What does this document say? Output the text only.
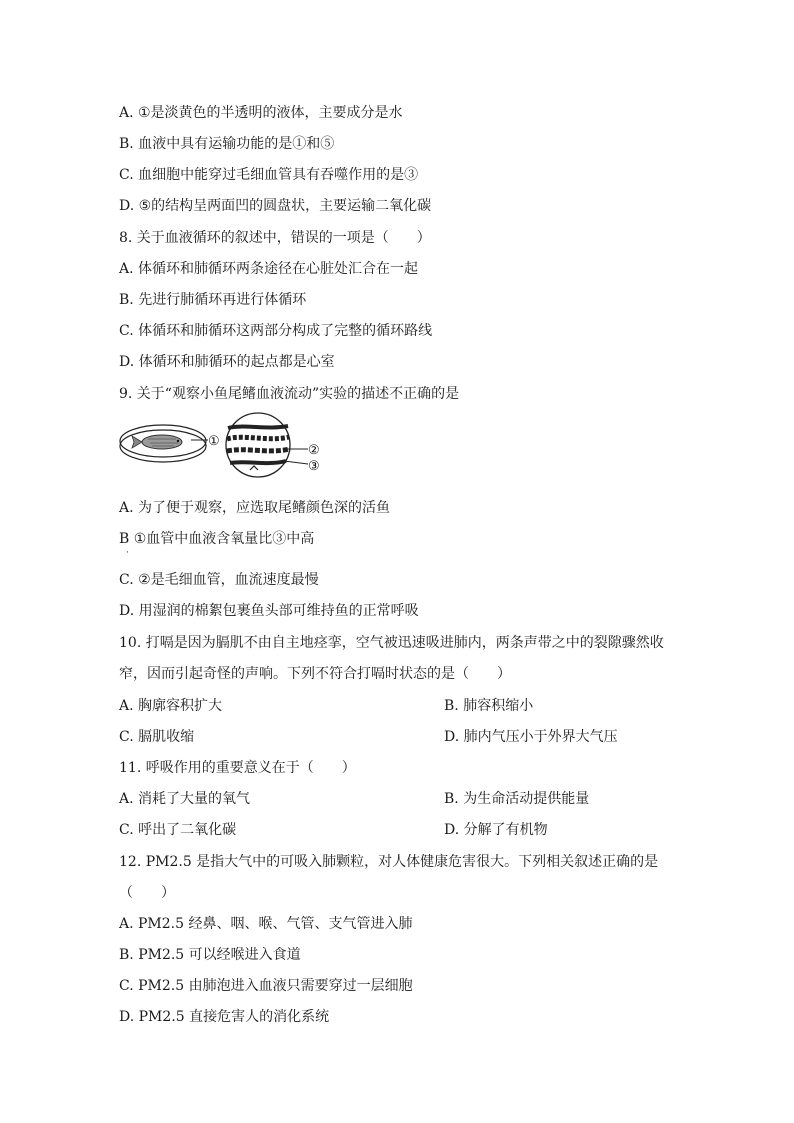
A. ①是淡黄色的半透明的液体，主要成分是水
B. 血液中具有运输功能的是①和⑤
C. 血细胞中能穿过毛细血管具有吞噬作用的是③
D. ⑤的结构呈两面凹的圆盘状，主要运输二氧化碳
8. 关于血液循环的叙述中，错误的一项是（　　）
A. 体循环和肺循环两条途径在心脏处汇合在一起
B. 先进行肺循环再进行体循环
C. 体循环和肺循环这两部分构成了完整的循环路线
D. 体循环和肺循环的起点都是心室
9. 关于“观察小鱼尾鳍血液流动”实验的描述不正确的是
①
②
③
A. 为了便于观察，应选取尾鳍颜色深的活鱼
B ①血管中血液含氧量比③中高
·
C. ②是毛细血管，血流速度最慢
D. 用湿润的棉絮包裹鱼头部可维持鱼的正常呼吸
10. 打嗝是因为膈肌不由自主地痉挛，空气被迅速吸进肺内，两条声带之中的裂隙骤然收
窄，因而引起奇怪的声响。下列不符合打嗝时状态的是（　　）
A. 胸廓容积扩大	B. 肺容积缩小
C. 膈肌收缩	D. 肺内气压小于外界大气压
11. 呼吸作用的重要意义在于（　　）
A. 消耗了大量的氧气	B. 为生命活动提供能量
C. 呼出了二氧化碳	D. 分解了有机物
12. PM2.5 是指大气中的可吸入肺颗粒，对人体健康危害很大。下列相关叙述正确的是
（　　）
A. PM2.5 经鼻、咽、喉、气管、支气管进入肺
B. PM2.5 可以经喉进入食道
C. PM2.5 由肺泡进入血液只需要穿过一层细胞
D. PM2.5 直接危害人的消化系统
